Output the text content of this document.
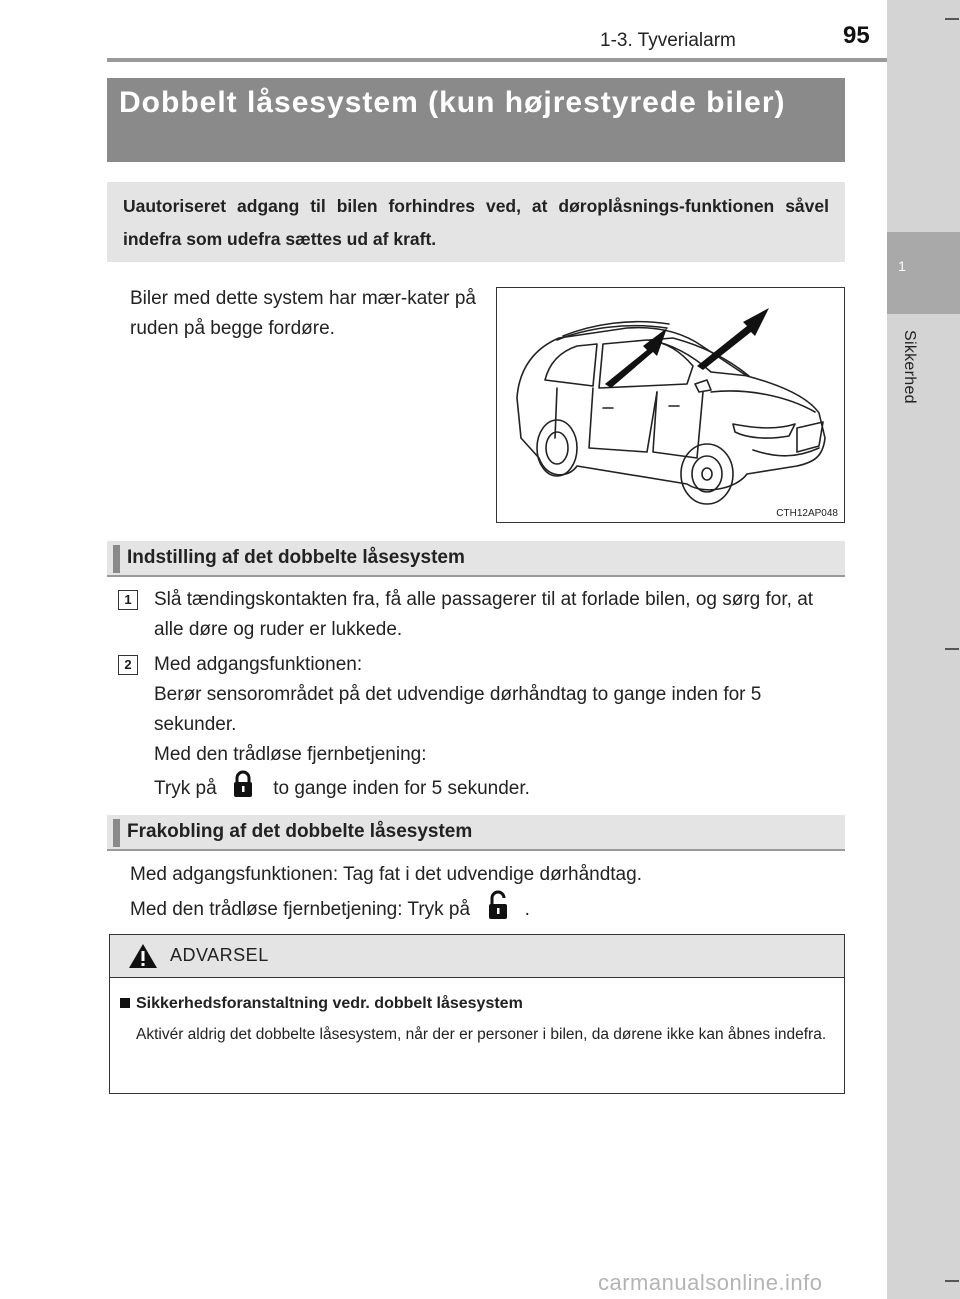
1
Sikkerhed
1-3. Tyverialarm	95
Dobbelt låsesystem (kun højrestyrede biler)
Uautoriseret adgang til bilen forhindres ved, at døroplåsnings-funktionen såvel indefra som udefra sættes ud af kraft.
Biler med dette system har mær-kater på ruden på begge fordøre.
CTH12AP048
Indstilling af det dobbelte låsesystem
1	Slå tændingskontakten fra, få alle passagerer til at forlade bilen, og sørg for, at alle døre og ruder er lukkede.
2	Med adgangsfunktionen:
Berør sensorområdet på det udvendige dørhåndtag to gange inden for 5 sekunder.
Med den trådløse fjernbetjening:
Tryk på	to gange inden for 5 sekunder.
Frakobling af det dobbelte låsesystem
Med adgangsfunktionen: Tag fat i det udvendige dørhåndtag.
Med den trådløse fjernbetjening: Tryk på	.
ADVARSEL
Sikkerhedsforanstaltning vedr. dobbelt låsesystem
Aktivér aldrig det dobbelte låsesystem, når der er personer i bilen, da dørene ikke kan åbnes indefra.
carmanualsonline.info
